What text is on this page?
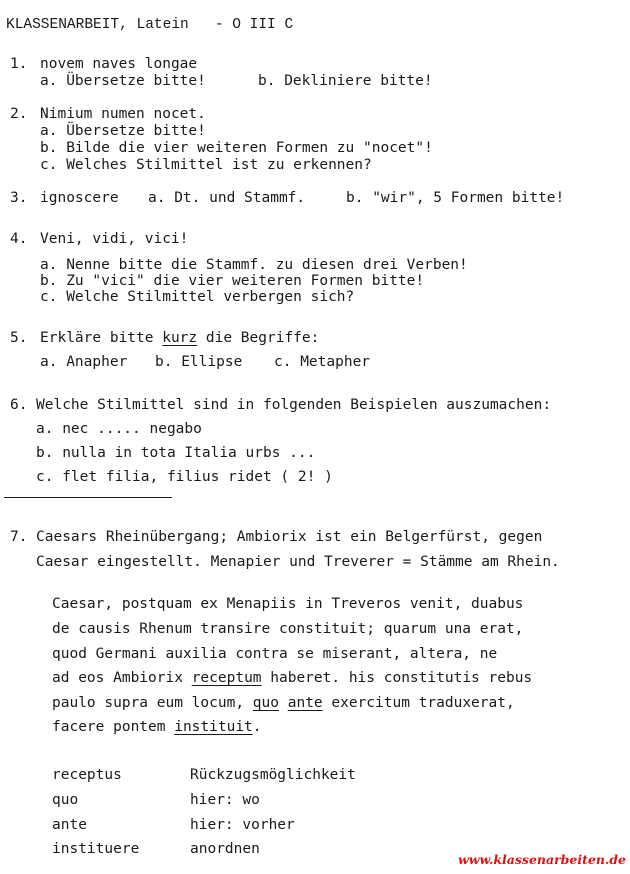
KLASSENARBEIT, Latein   - O III C
1. novem naves longae
a. Übersetze bitte!	b. Dekliniere bitte!
2. Nimium numen nocet.
a. Übersetze bitte!
b. Bilde die vier weiteren Formen zu "nocet"!
c. Welches Stilmittel ist zu erkennen?
3. ignoscere a. Dt. und Stammf.	b. "wir", 5 Formen bitte!
4. Veni, vidi, vici!
a. Nenne bitte die Stammf. zu diesen drei Verben!
b. Zu "vici" die vier weiteren Formen bitte!
c. Welche Stilmittel verbergen sich?
5. Erkläre bitte kurz die Begriffe:
a. Anapher b. Ellipse c. Metapher
6. Welche Stilmittel sind in folgenden Beispielen auszumachen:
a. nec ..... negabo
b. nulla in tota Italia urbs ...
c. flet filia, filius ridet ( 2! )
7. Caesars Rheinübergang; Ambiorix ist ein Belgerfürst, gegen
Caesar eingestellt. Menapier und Treverer = Stämme am Rhein.
Caesar, postquam ex Menapiis in Treveros venit, duabus
de causis Rhenum transire constituit; quarum una erat,
quod Germani auxilia contra se miserant, altera, ne
ad eos Ambiorix receptum haberet. his constitutis rebus
paulo supra eum locum, quo ante exercitum traduxerat,
facere pontem instituit.
receptus	Rückzugsmöglichkeit
quo	hier: wo
ante	hier: vorher
instituere	anordnen
www.klassenarbeiten.de
